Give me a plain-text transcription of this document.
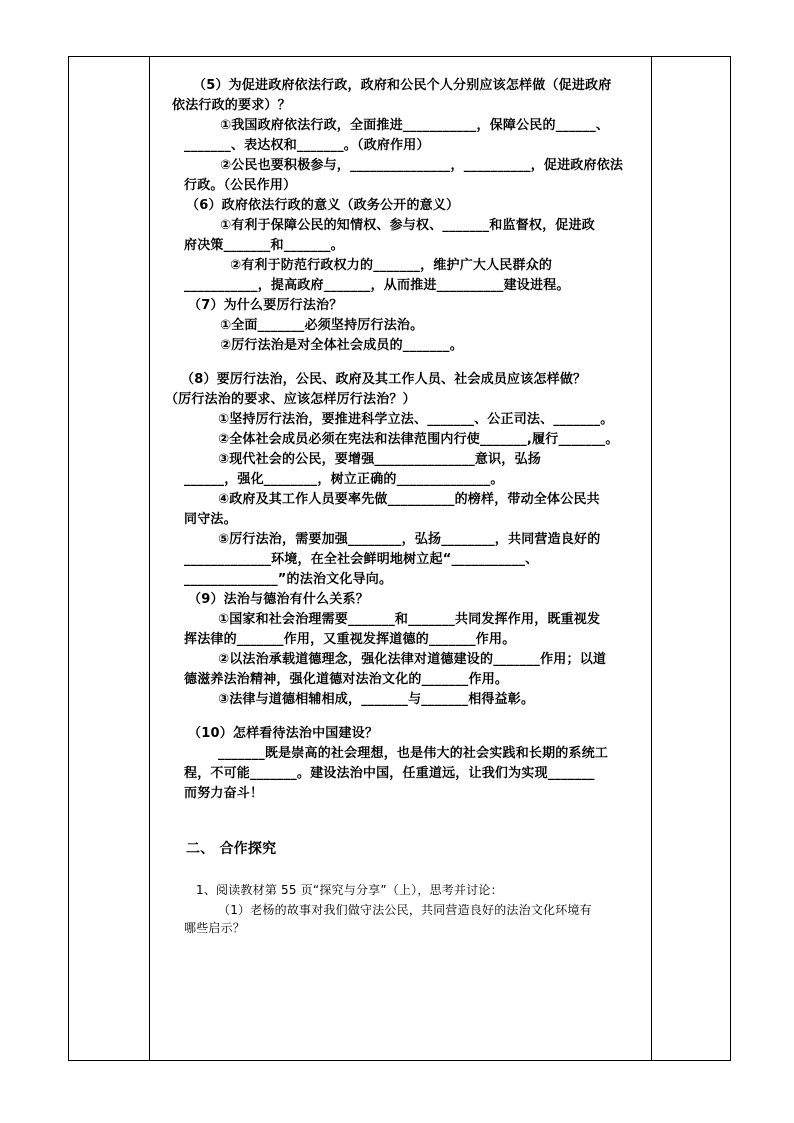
（5）为促进政府依法行政，政府和公民个人分别应该怎样做（促进政府
依法行政的要求）？
①我国政府依法行政，全面推进___________，保障公民的______、
_______、表达权和_______。（政府作用）
②公民也要积极参与，_______________，__________，促进政府依法
行政。（公民作用）
（6）政府依法行政的意义（政务公开的意义）
①有利于保障公民的知情权、参与权、_______和监督权，促进政
府决策_______和_______。
②有利于防范行政权力的_______，维护广大人民群众的
___________，提高政府_______，从而推进__________建设进程。
（7）为什么要厉行法治？
①全面_______必须坚持厉行法治。
②厉行法治是对全体社会成员的_______。
（8）要厉行法治，公民、政府及其工作人员、社会成员应该怎样做？
（厉行法治的要求、应该怎样厉行法治？）
①坚持厉行法治，要推进科学立法、_______、公正司法、_______。
②全体社会成员必须在宪法和法律范围内行使_______,履行_______。
③现代社会的公民，要增强_______________意识，弘扬
______，强化________，树立正确的______________。
④政府及其工作人员要率先做__________的榜样，带动全体公民共
同守法。
⑤厉行法治，需要加强________，弘扬________，共同营造良好的
_____________环境，在全社会鲜明地树立起“___________、
______________”的法治文化导向。
（9）法治与德治有什么关系？
①国家和社会治理需要_______和_______共同发挥作用，既重视发
挥法律的_______作用，又重视发挥道德的_______作用。
②以法治承载道德理念，强化法律对道德建设的_______作用；以道
德滋养法治精神，强化道德对法治文化的_______作用。
③法律与道德相辅相成，_______与_______相得益彰。
（10）怎样看待法治中国建设？
_______既是崇高的社会理想，也是伟大的社会实践和长期的系统工
程，不可能_______。建设法治中国，任重道远，让我们为实现_______
而努力奋斗！
二、 合作探究
1、阅读教材第 55 页“探究与分享”（上），思考并讨论：
（1）老杨的故事对我们做守法公民，共同营造良好的法治文化环境有
哪些启示？
